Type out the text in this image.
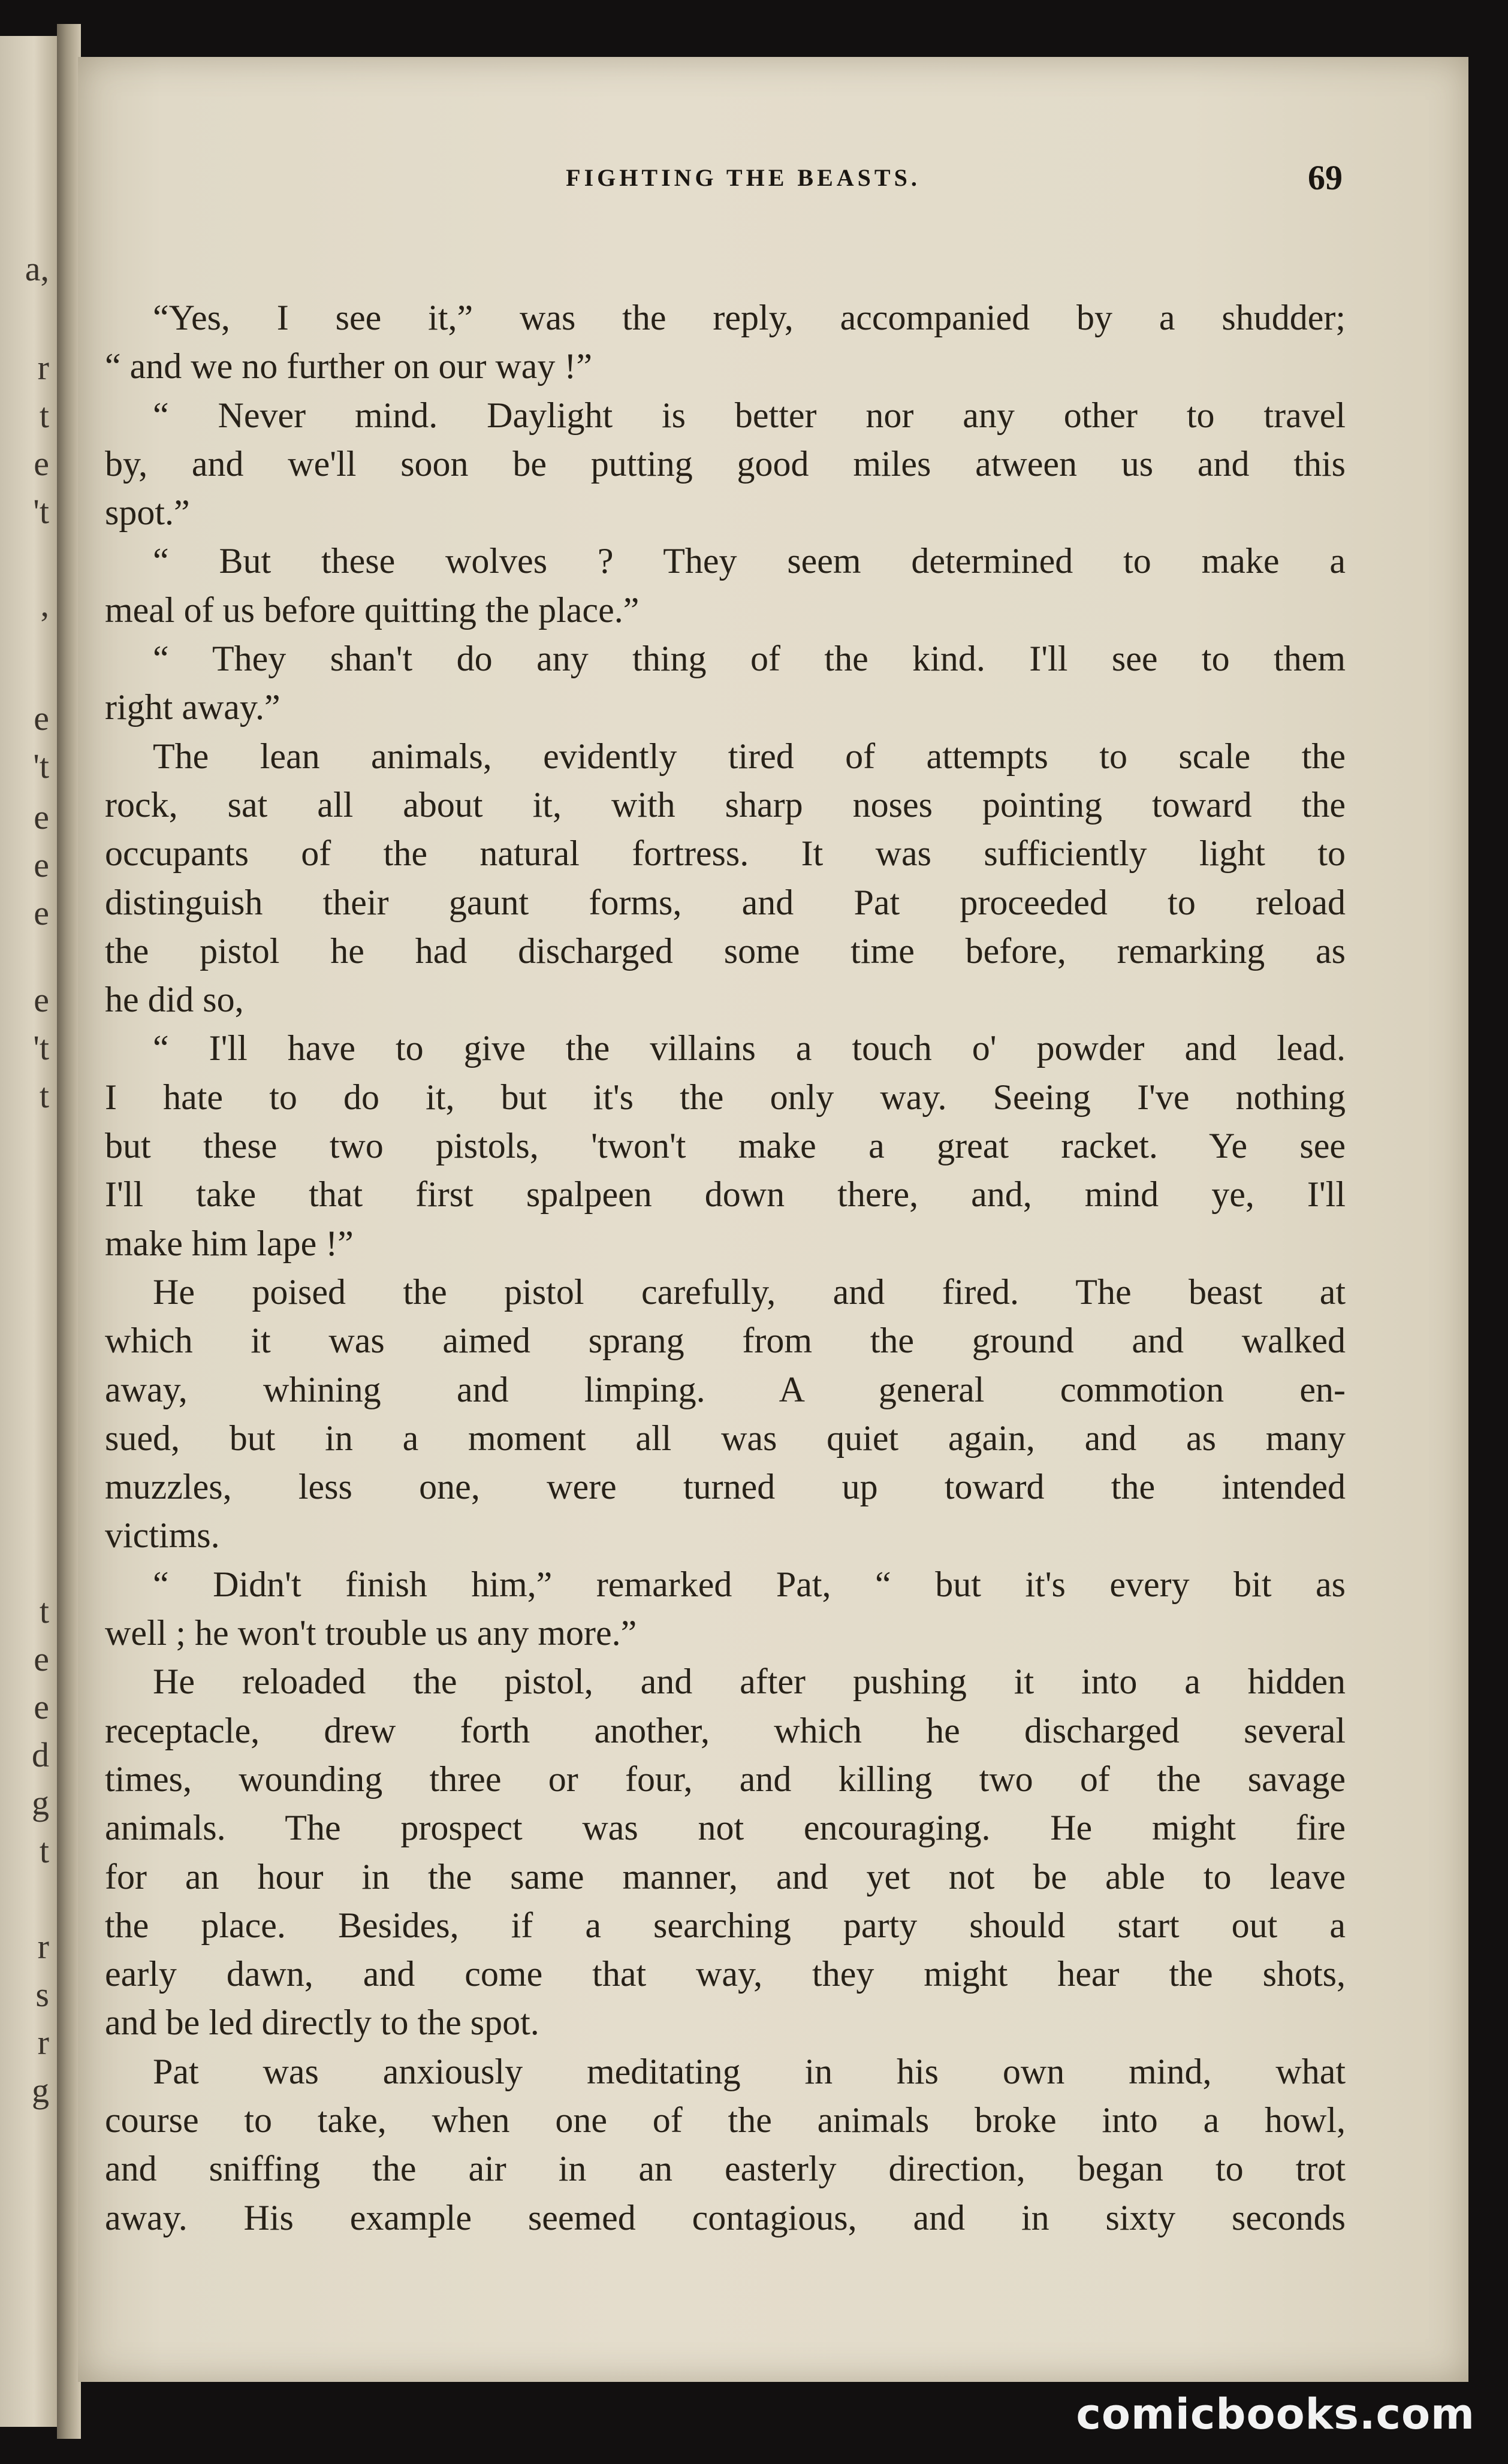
a,
r
t
e
't
,
e
't
e
e
e
e
't
t
t
e
e
d
g
t
r
s
r
g
FIGHTING THE BEASTS.	69
“Yes, I see it,” was the reply, accompanied by a shudder;
“ and we no further on our way !”
“ Never mind. Daylight is better nor any other to travel
by, and we'll soon be putting good miles atween us and this
spot.”
“ But these wolves ? They seem determined to make a
meal of us before quitting the place.”
“ They shan't do any thing of the kind. I'll see to them
right away.”
The lean animals, evidently tired of attempts to scale the
rock, sat all about it, with sharp noses pointing toward the
occupants of the natural fortress. It was sufficiently light to
distinguish their gaunt forms, and Pat proceeded to reload
the pistol he had discharged some time before, remarking as
he did so,
“ I'll have to give the villains a touch o' powder and lead.
I hate to do it, but it's the only way. Seeing I've nothing
but these two pistols, 'twon't make a great racket. Ye see
I'll take that first spalpeen down there, and, mind ye, I'll
make him lape !”
He poised the pistol carefully, and fired. The beast at
which it was aimed sprang from the ground and walked
away, whining and limping. A general commotion en-
sued, but in a moment all was quiet again, and as many
muzzles, less one, were turned up toward the intended
victims.
“ Didn't finish him,” remarked Pat, “ but it's every bit as
well ; he won't trouble us any more.”
He reloaded the pistol, and after pushing it into a hidden
receptacle, drew forth another, which he discharged several
times, wounding three or four, and killing two of the savage
animals. The prospect was not encouraging. He might fire
for an hour in the same manner, and yet not be able to leave
the place. Besides, if a searching party should start out a
early dawn, and come that way, they might hear the shots,
and be led directly to the spot.
Pat was anxiously meditating in his own mind, what
course to take, when one of the animals broke into a howl,
and sniffing the air in an easterly direction, began to trot
away. His example seemed contagious, and in sixty seconds
comicbooks.com
